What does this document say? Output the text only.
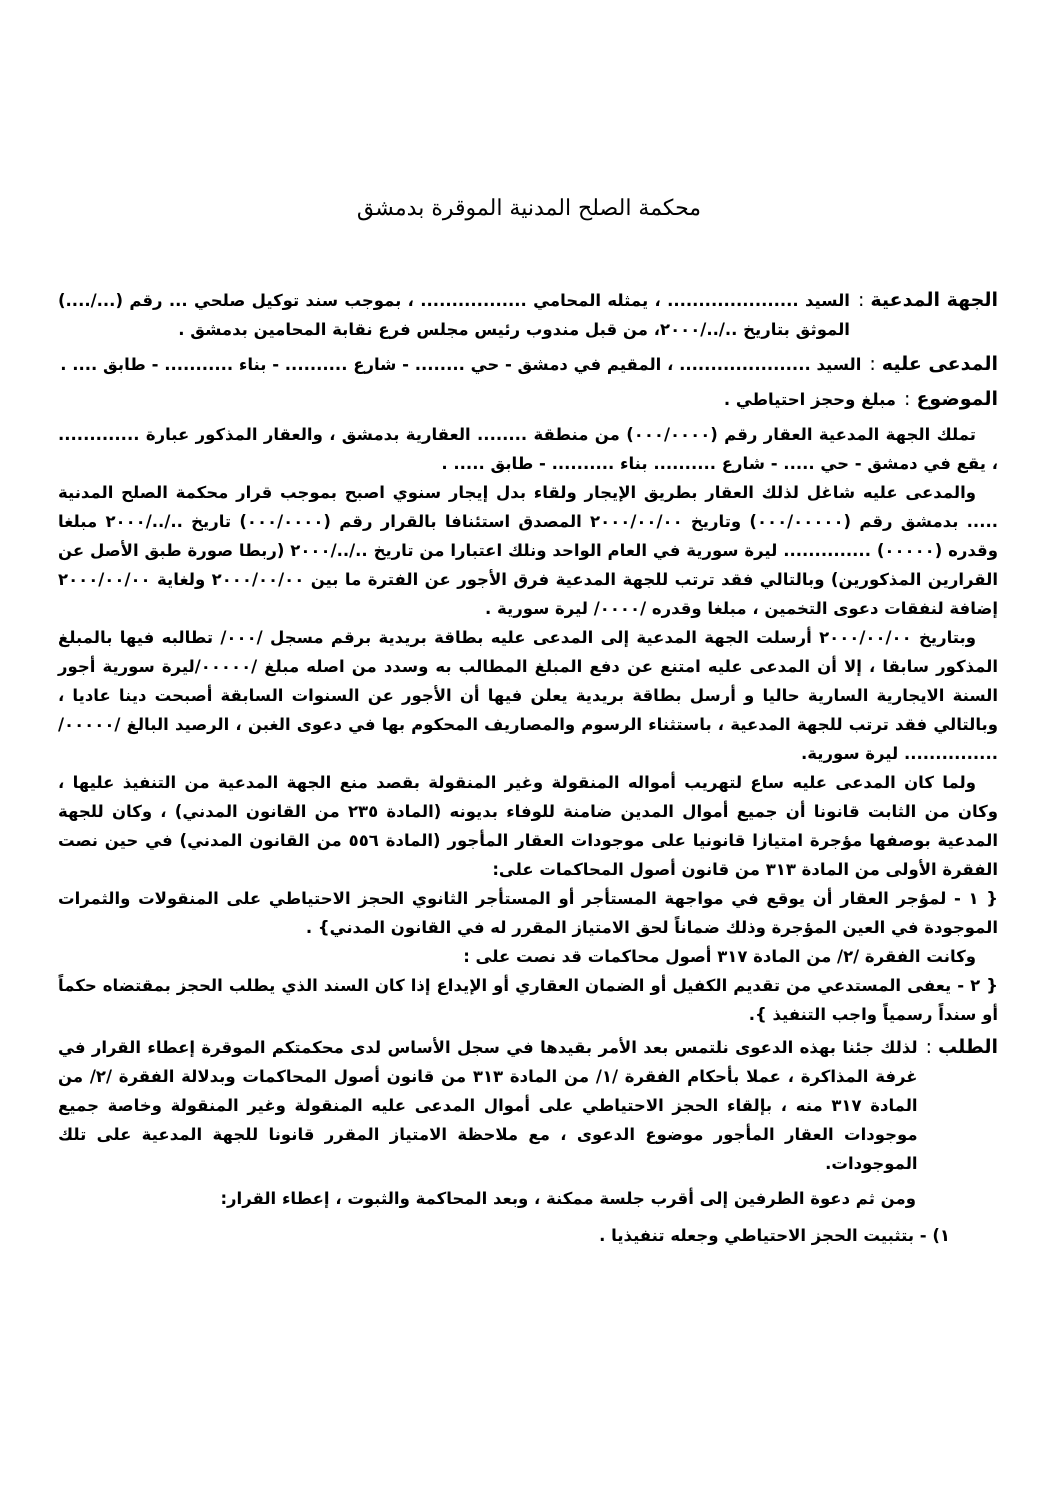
محكمة الصلح المدنية الموقرة بدمشق
الجهة المدعية
:
السيد ..................... ، يمثله المحامي ................. ، بموجب سند توكيل صلحي ... رقم (.../....) الموثق بتاريخ ../../٢٠٠٠، من قبل مندوب رئيس مجلس فرع نقابة المحامين بدمشق .
المدعى عليه
:
السيد ..................... ، المقيم في دمشق - حي ........ - شارع .......... - بناء ........... - طابق .... .
الموضوع
:
مبلغ وحجز احتياطي .

تملك الجهة المدعية العقار رقم (٠٠٠/٠٠٠٠) من منطقة ........ العقارية بدمشق ، والعقار المذكور عبارة ............. ، يقع في دمشق - حي ..... - شارع .......... بناء .......... - طابق ..... .

والمدعى عليه شاغل لذلك العقار بطريق الإيجار ولقاء بدل إيجار سنوي اصبح بموجب قرار محكمة الصلح المدنية ..... بدمشق رقم (٠٠٠/٠٠٠٠٠) وتاريخ ٢٠٠٠/٠٠/٠٠ المصدق استئنافا بالقرار رقم (٠٠٠/٠٠٠٠) تاريخ ../../٢٠٠٠ مبلغا وقدره (٠٠٠٠٠) .............. ليرة سورية في العام الواحد ونلك اعتبارا من تاريخ ../../٢٠٠٠ (ربطا صورة طبق الأصل عن القرارين المذكورين) وبالتالي فقد ترتب للجهة المدعية فرق الأجور عن الفترة ما بين ٢٠٠٠/٠٠/٠٠ ولغاية ٢٠٠٠/٠٠/٠٠ إضافة لنفقات دعوى التخمين ، مبلغا وقدره /٠٠٠٠/ ليرة سورية .

وبتاريخ ٢٠٠٠/٠٠/٠٠ أرسلت الجهة المدعية إلى المدعى عليه بطاقة بريدية برقم مسجل /٠٠٠/ تطالبه فيها بالمبلغ المذكور سابقا ، إلا أن المدعى عليه امتنع عن دفع المبلغ المطالب به وسدد من اصله مبلغ /٠٠٠٠٠/ليرة سورية أجور السنة الايجارية السارية حاليا و أرسل بطاقة بريدية يعلن فيها أن الأجور عن السنوات السابقة أصبحت دينا عاديا ، وبالتالي فقد ترتب للجهة المدعية ، باستثناء الرسوم والمصاريف المحكوم بها في دعوى الغبن ، الرصيد البالغ /٠٠٠٠٠/ ............... ليرة سورية.

ولما كان المدعى عليه ساع لتهريب أمواله المنقولة وغير المنقولة بقصد منع الجهة المدعية من التنفيذ عليها ، وكان من الثابت قانونا أن جميع أموال المدين ضامنة للوفاء بديونه (المادة ٢٣٥ من القانون المدني) ، وكان للجهة المدعية بوصفها مؤجرة امتيازا قانونيا على موجودات العقار المأجور (المادة ٥٥٦ من القانون المدني) في حين نصت الفقرة الأولى من المادة ٣١٣ من قانون أصول المحاكمات على:

{ ١ - لمؤجر العقار أن يوقع في مواجهة المستأجر أو المستأجر الثانوي الحجز الاحتياطي على المنقولات والثمرات الموجودة في العين المؤجرة وذلك ضماناً لحق الامتياز المقرر له في القانون المدني} .

وكانت الفقرة /٢/ من المادة ٣١٧ أصول محاكمات قد نصت على :

{ ٢ - يعفى المستدعي من تقديم الكفيل أو الضمان العقاري أو الإيداع إذا كان السند الذي يطلب الحجز بمقتضاه حكماً أو سنداً رسمياً واجب التنفيذ }.

الطلب
:
لذلك جئنا بهذه الدعوى نلتمس بعد الأمر بقيدها في سجل الأساس لدى محكمتكم الموقرة إعطاء القرار في غرفة المذاكرة ، عملا بأحكام الفقرة /١/ من المادة ٣١٣ من قانون أصول المحاكمات وبدلالة الفقرة /٢/ من المادة ٣١٧ منه ، بإلقاء الحجز الاحتياطي على أموال المدعى عليه المنقولة وغير المنقولة وخاصة جميع موجودات العقار المأجور موضوع الدعوى ، مع ملاحظة الامتياز المقرر قانونا للجهة المدعية على تلك الموجودات.

ومن ثم دعوة الطرفين إلى أقرب جلسة ممكنة ، وبعد المحاكمة والثبوت ، إعطاء القرار:

١) - بتثبيت الحجز الاحتياطي وجعله تنفيذيا .
